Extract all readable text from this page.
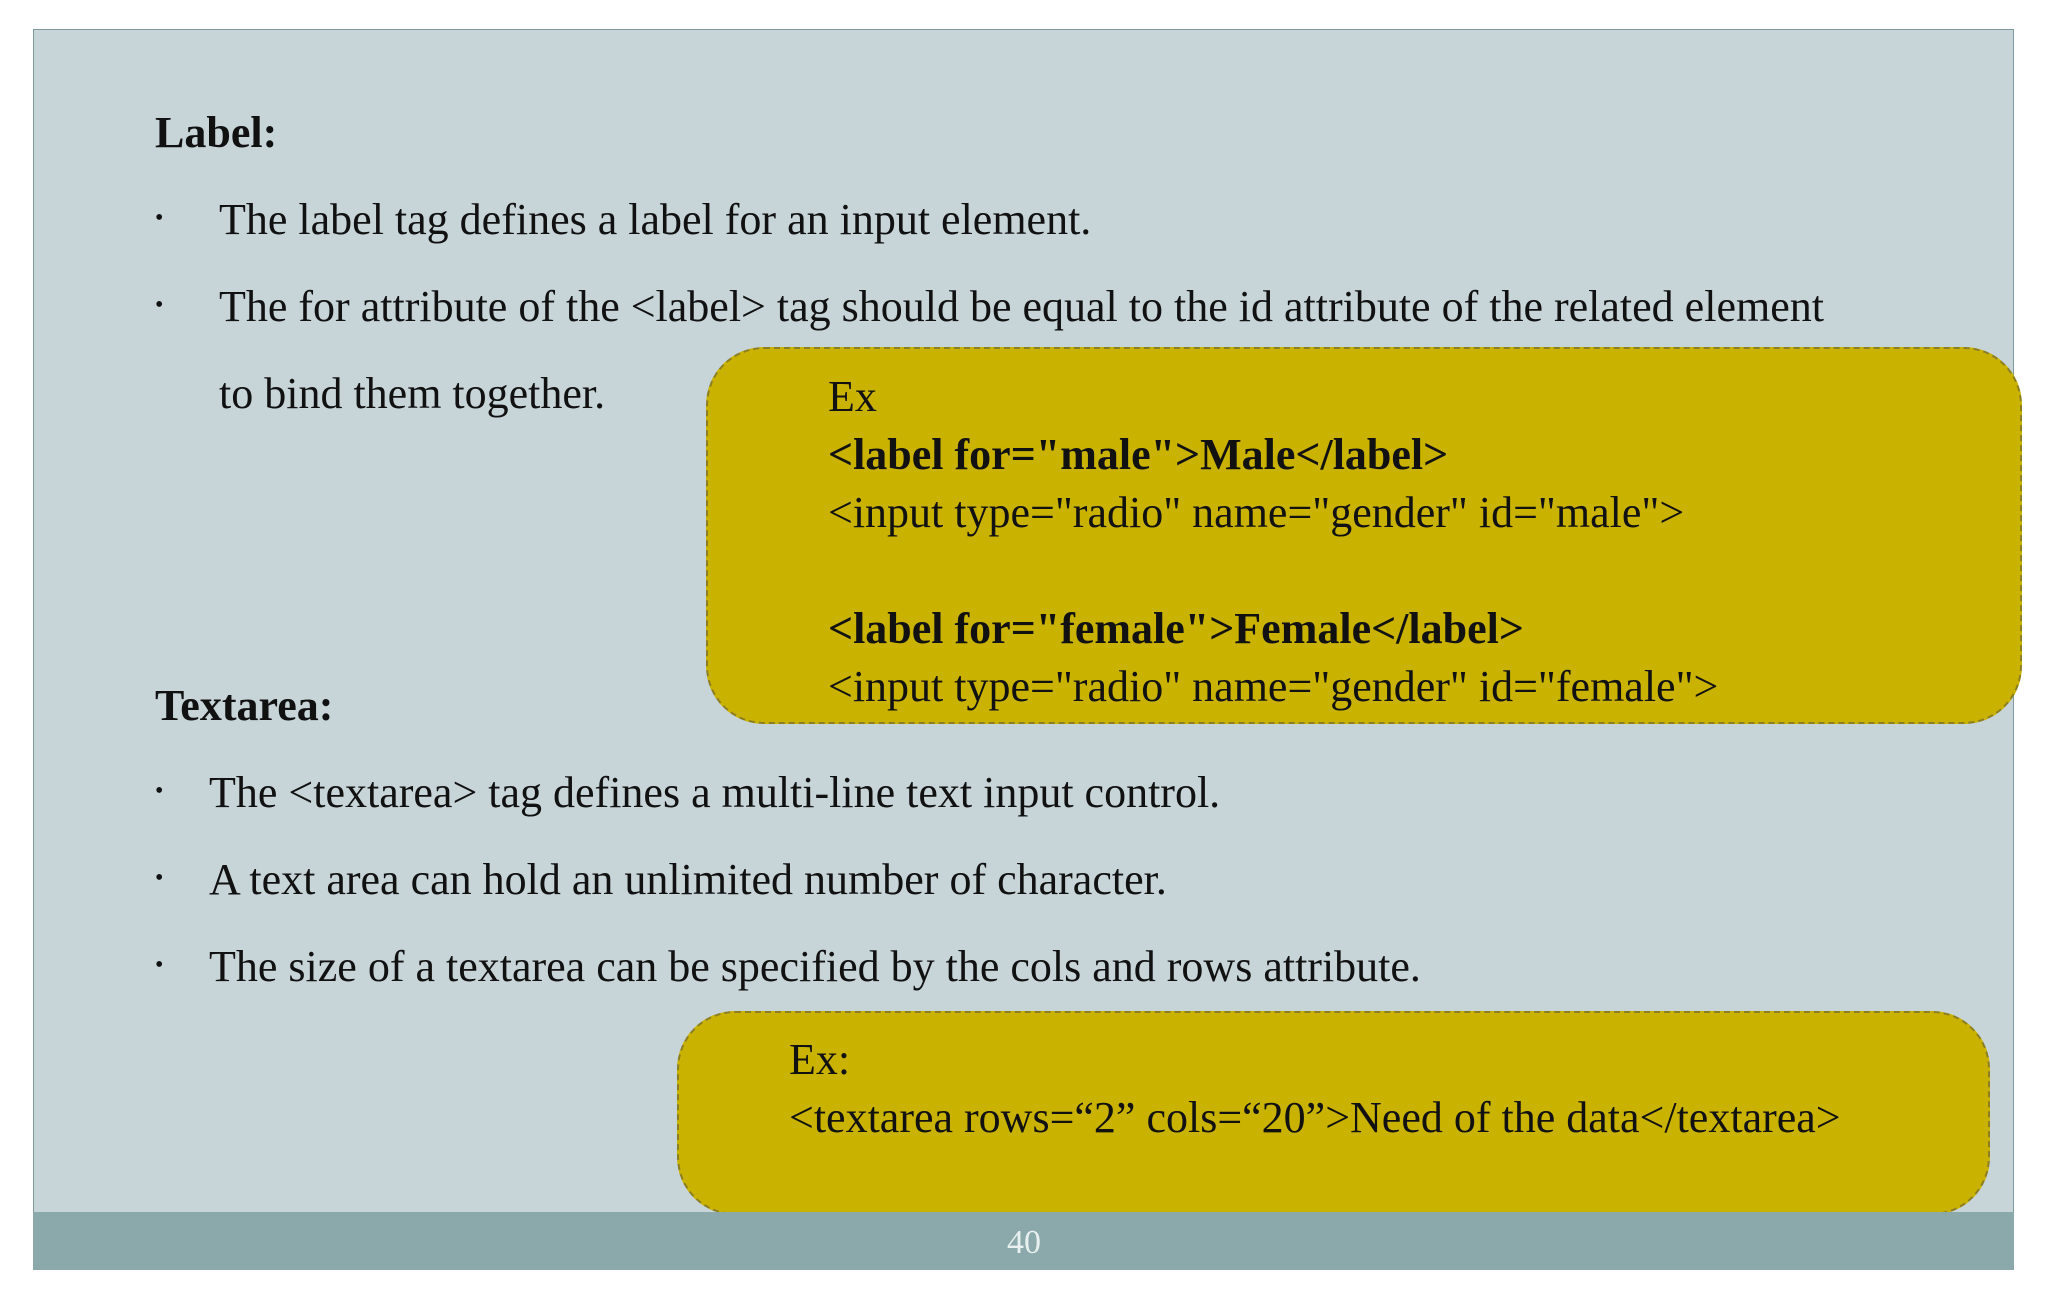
Label:
• The label tag defines a label for an input element.
• The for attribute of the <label> tag should be equal to the id attribute of the related element
to bind them together.	Ex
<label for="male">Male</label>
<input type="radio" name="gender" id="male">
<label for="female">Female</label>
<input type="radio" name="gender" id="female">
Textarea:
• The <textarea> tag defines a multi-line text input control.
• A text area can hold an unlimited number of character.
• The size of a textarea can be specified by the cols and rows attribute.
Ex:
<textarea rows=“2” cols=“20”>Need of the data</textarea>
40
